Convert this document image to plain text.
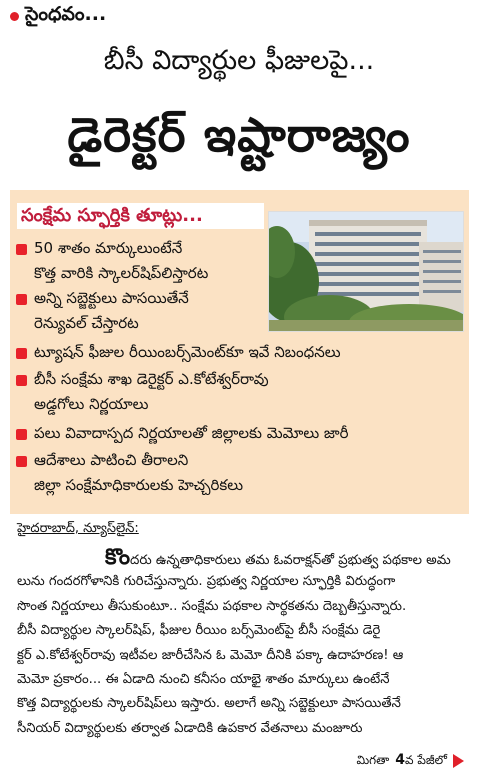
సైంధవం...
బీసీ విద్యార్థుల ఫీజులపై...
డైరెక్టర్ ఇష్టారాజ్యం
సంక్షేమ స్ఫూర్తికి తూట్లు...
50 శాతం మార్కులుంటేనే
కొత్త వారికి స్కాలర్‌షిప్‌లిస్తారట
అన్ని సబ్జెక్టులు పాసయితేనే
రెన్యువల్ చేస్తారట
ట్యూషన్ ఫీజుల రీయింబర్స్‌మెంట్‌కూ ఇవే నిబంధనలు
బీసీ సంక్షేమ శాఖ డెరైక్టర్ ఎ.కోటేశ్వర్‌రావు
అడ్డగోలు నిర్ణయాలు
పలు వివాదాస్పద నిర్ణయాలతో జిల్లాలకు మెమోలు జారీ
ఆదేశాలు పాటించి తీరాలని
జిల్లా సంక్షేమాధికారులకు హెచ్చరికలు
హైదరాబాద్, న్యూస్‌లైన్:
కొందరు ఉన్నతాధికారులు తమ ఓవరాక్షన్‌తో ప్రభుత్వ పథకాల అమ
లును గందరగోళానికి గురిచేస్తున్నారు. ప్రభుత్వ నిర్ణయాల స్ఫూర్తికి విరుద్ధంగా
సొంత నిర్ణయాలు తీసుకుంటూ.. సంక్షేమ పథకాల సార్థకతను దెబ్బతీస్తున్నారు.
బీసీ విద్యార్థుల స్కాలర్‌షిప్, ఫీజుల రీయిం బర్స్‌మెంట్‌పై బీసీ సంక్షేమ డెరై
క్టర్ ఎ.కోటేశ్వర్‌రావు ఇటీవల జారీచేసిన ఓ మెమో దీనికి పక్కా ఉదాహరణ! ఆ
మెమో ప్రకారం... ఈ ఏడాది నుంచి కనీసం యాభై శాతం మార్కులు ఉంటేనే
కొత్త విద్యార్థులకు స్కాలర్‌షిప్‌లు ఇస్తారు. అలాగే అన్ని సబ్జెక్టులూ పాసయితేనే
సీనియర్ విద్యార్థులకు తర్వాత ఏడాదికి ఉపకార వేతనాలు మంజూరు
మిగతా 4వ పేజీలో
